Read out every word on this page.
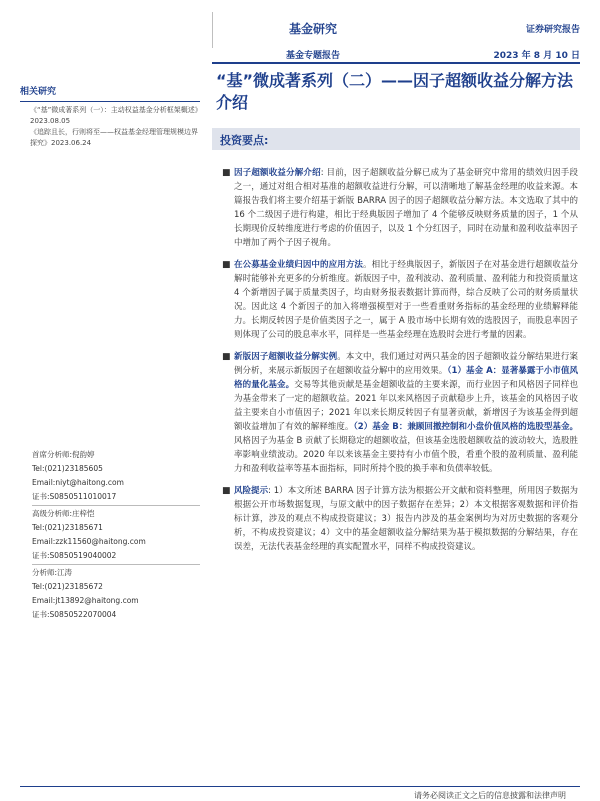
基金研究
基金专题报告
证券研究报告
2023 年 8 月 10 日
“基”微成著系列（二）——因子超额收益分解方法介绍
投资要点:
相关研究
《“基”微成著系列（一）：主动权益基金分析框架概述》2023.08.05
《追踪且长，行则将至——权益基金经理管理规模边界探究》2023.06.24
首席分析师:倪韵婷
Tel:(021)23185605
Email:niyt@haitong.com
证书:S0850511010017
高级分析师:庄梓恺
Tel:(021)23185671
Email:zzk11560@haitong.com
证书:S0850519040002
分析师:江涛
Tel:(021)23185672
Email:jt13892@haitong.com
证书:S0850522070004
■ 因子超额收益分解介绍: 目前，因子超额收益分解已成为了基金研究中常用的绩效归因手段之一，通过对组合相对基准的超额收益进行分解，可以清晰地了解基金经理的收益来源。本篇报告我们将主要介绍基于新版 BARRA 因子的因子超额收益分解方法。本文选取了其中的 16 个二级因子进行构建，相比于经典版因子增加了 4 个能够反映财务质量的因子，1 个从长期现价反转维度进行考虑的价值因子，以及 1 个分红因子，同时在动量和盈利收益率因子中增加了两个子因子视角。
■ 在公募基金业绩归因中的应用方法。相比于经典版因子，新版因子在对基金进行超额收益分解时能够补充更多的分析维度。新版因子中，盈利波动、盈利质量、盈利能力和投资质量这 4 个新增因子属于质量类因子，均由财务报表数据计算而得，综合反映了公司的财务质量状况。因此这 4 个新因子的加入将增强模型对于一些看重财务指标的基金经理的业绩解释能力。长期反转因子是价值类因子之一，属于 A 股市场中长期有效的选股因子，而股息率因子则体现了公司的股息率水平，同样是一些基金经理在选股时会进行考量的因素。
■ 新版因子超额收益分解实例。本文中，我们通过对两只基金的因子超额收益分解结果进行案例分析，来展示新版因子在超额收益分解中的应用效果。（1）基金 A：显著暴露于小市值风格的量化基金。交易等其他贡献是基金超额收益的主要来源，而行业因子和风格因子同样也为基金带来了一定的超额收益。2021 年以来风格因子贡献稳步上升，该基金的风格因子收益主要来自小市值因子；2021 年以来长期反转因子有显著贡献，新增因子为该基金得到超额收益增加了有效的解释维度。（2）基金 B：兼顾回撤控制和小盘价值风格的选股型基金。风格因子为基金 B 贡献了长期稳定的超额收益，但该基金选股超额收益的波动较大，选股胜率影响业绩波动。2020 年以来该基金主要持有小市值个股，看重个股的盈利质量、盈利能力和盈利收益率等基本面指标，同时所持个股的换手率和负债率较低。
■ 风险提示: 1）本文所述 BARRA 因子计算方法为根据公开文献和资料整理，所用因子数据为根据公开市场数据复现，与原文献中的因子数据存在差异；2）本文根据客观数据和评价指标计算，涉及的观点不构成投资建议；3）报告内涉及的基金案例均为对历史数据的客观分析，不构成投资建议；4）文中的基金超额收益分解结果为基于模拟数据的分解结果，存在误差，无法代表基金经理的真实配置水平，同样不构成投资建议。
请务必阅读正文之后的信息披露和法律声明
